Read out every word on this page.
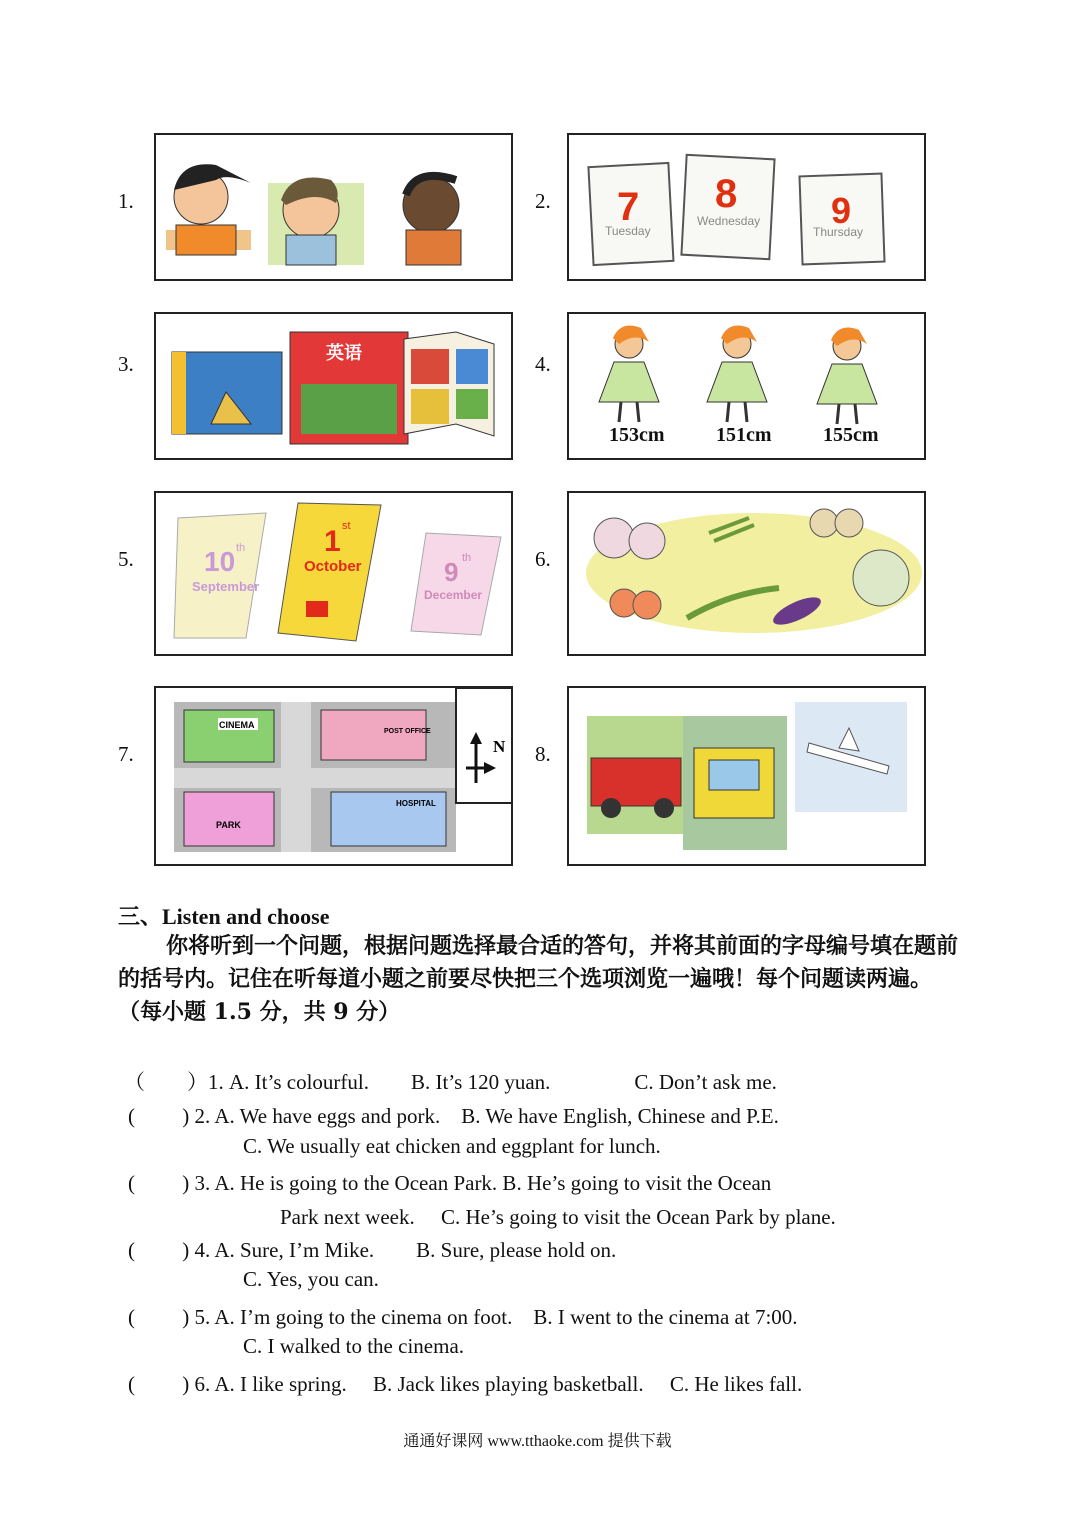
1.	2.
3.	4.
5.	6.
7.	8.
7
Tuesday
8
Wednesday 9
Thursday
英语
153cm	151cm	155cm
10 th
September
1 st
October	9 th
December
CINEMA
POST OFFICE
PARK
HOSPITAL
N
三、Listen and choose
你将听到一个问题，根据问题选择最合适的答句，并将其前面的字母编号填在题前的括号内。记住在听每道小题之前要尽快把三个选项浏览一遍哦！每个问题读两遍。（每小题 1.5 分，共 9 分）
（　　）1. A. It’s colourful.　　B. It’s 120 yuan.　　　　C. Don’t ask me.
(　　 ) 2. A. We have eggs and pork.　B. We have English, Chinese and P.E.
C. We usually eat chicken and eggplant for lunch.
(　　 ) 3. A. He is going to the Ocean Park. B. He’s going to visit the Ocean
Park next week.　 C. He’s going to visit the Ocean Park by plane.
(　　 ) 4. A. Sure, I’m Mike.　　B. Sure, please hold on.
C. Yes, you can.
(　　 ) 5. A. I’m going to the cinema on foot.　B. I went to the cinema at 7:00.
C. I walked to the cinema.
(　　 ) 6. A. I like spring.　 B. Jack likes playing basketball.　 C. He likes fall.
通通好课网 www.tthaoke.com 提供下载
